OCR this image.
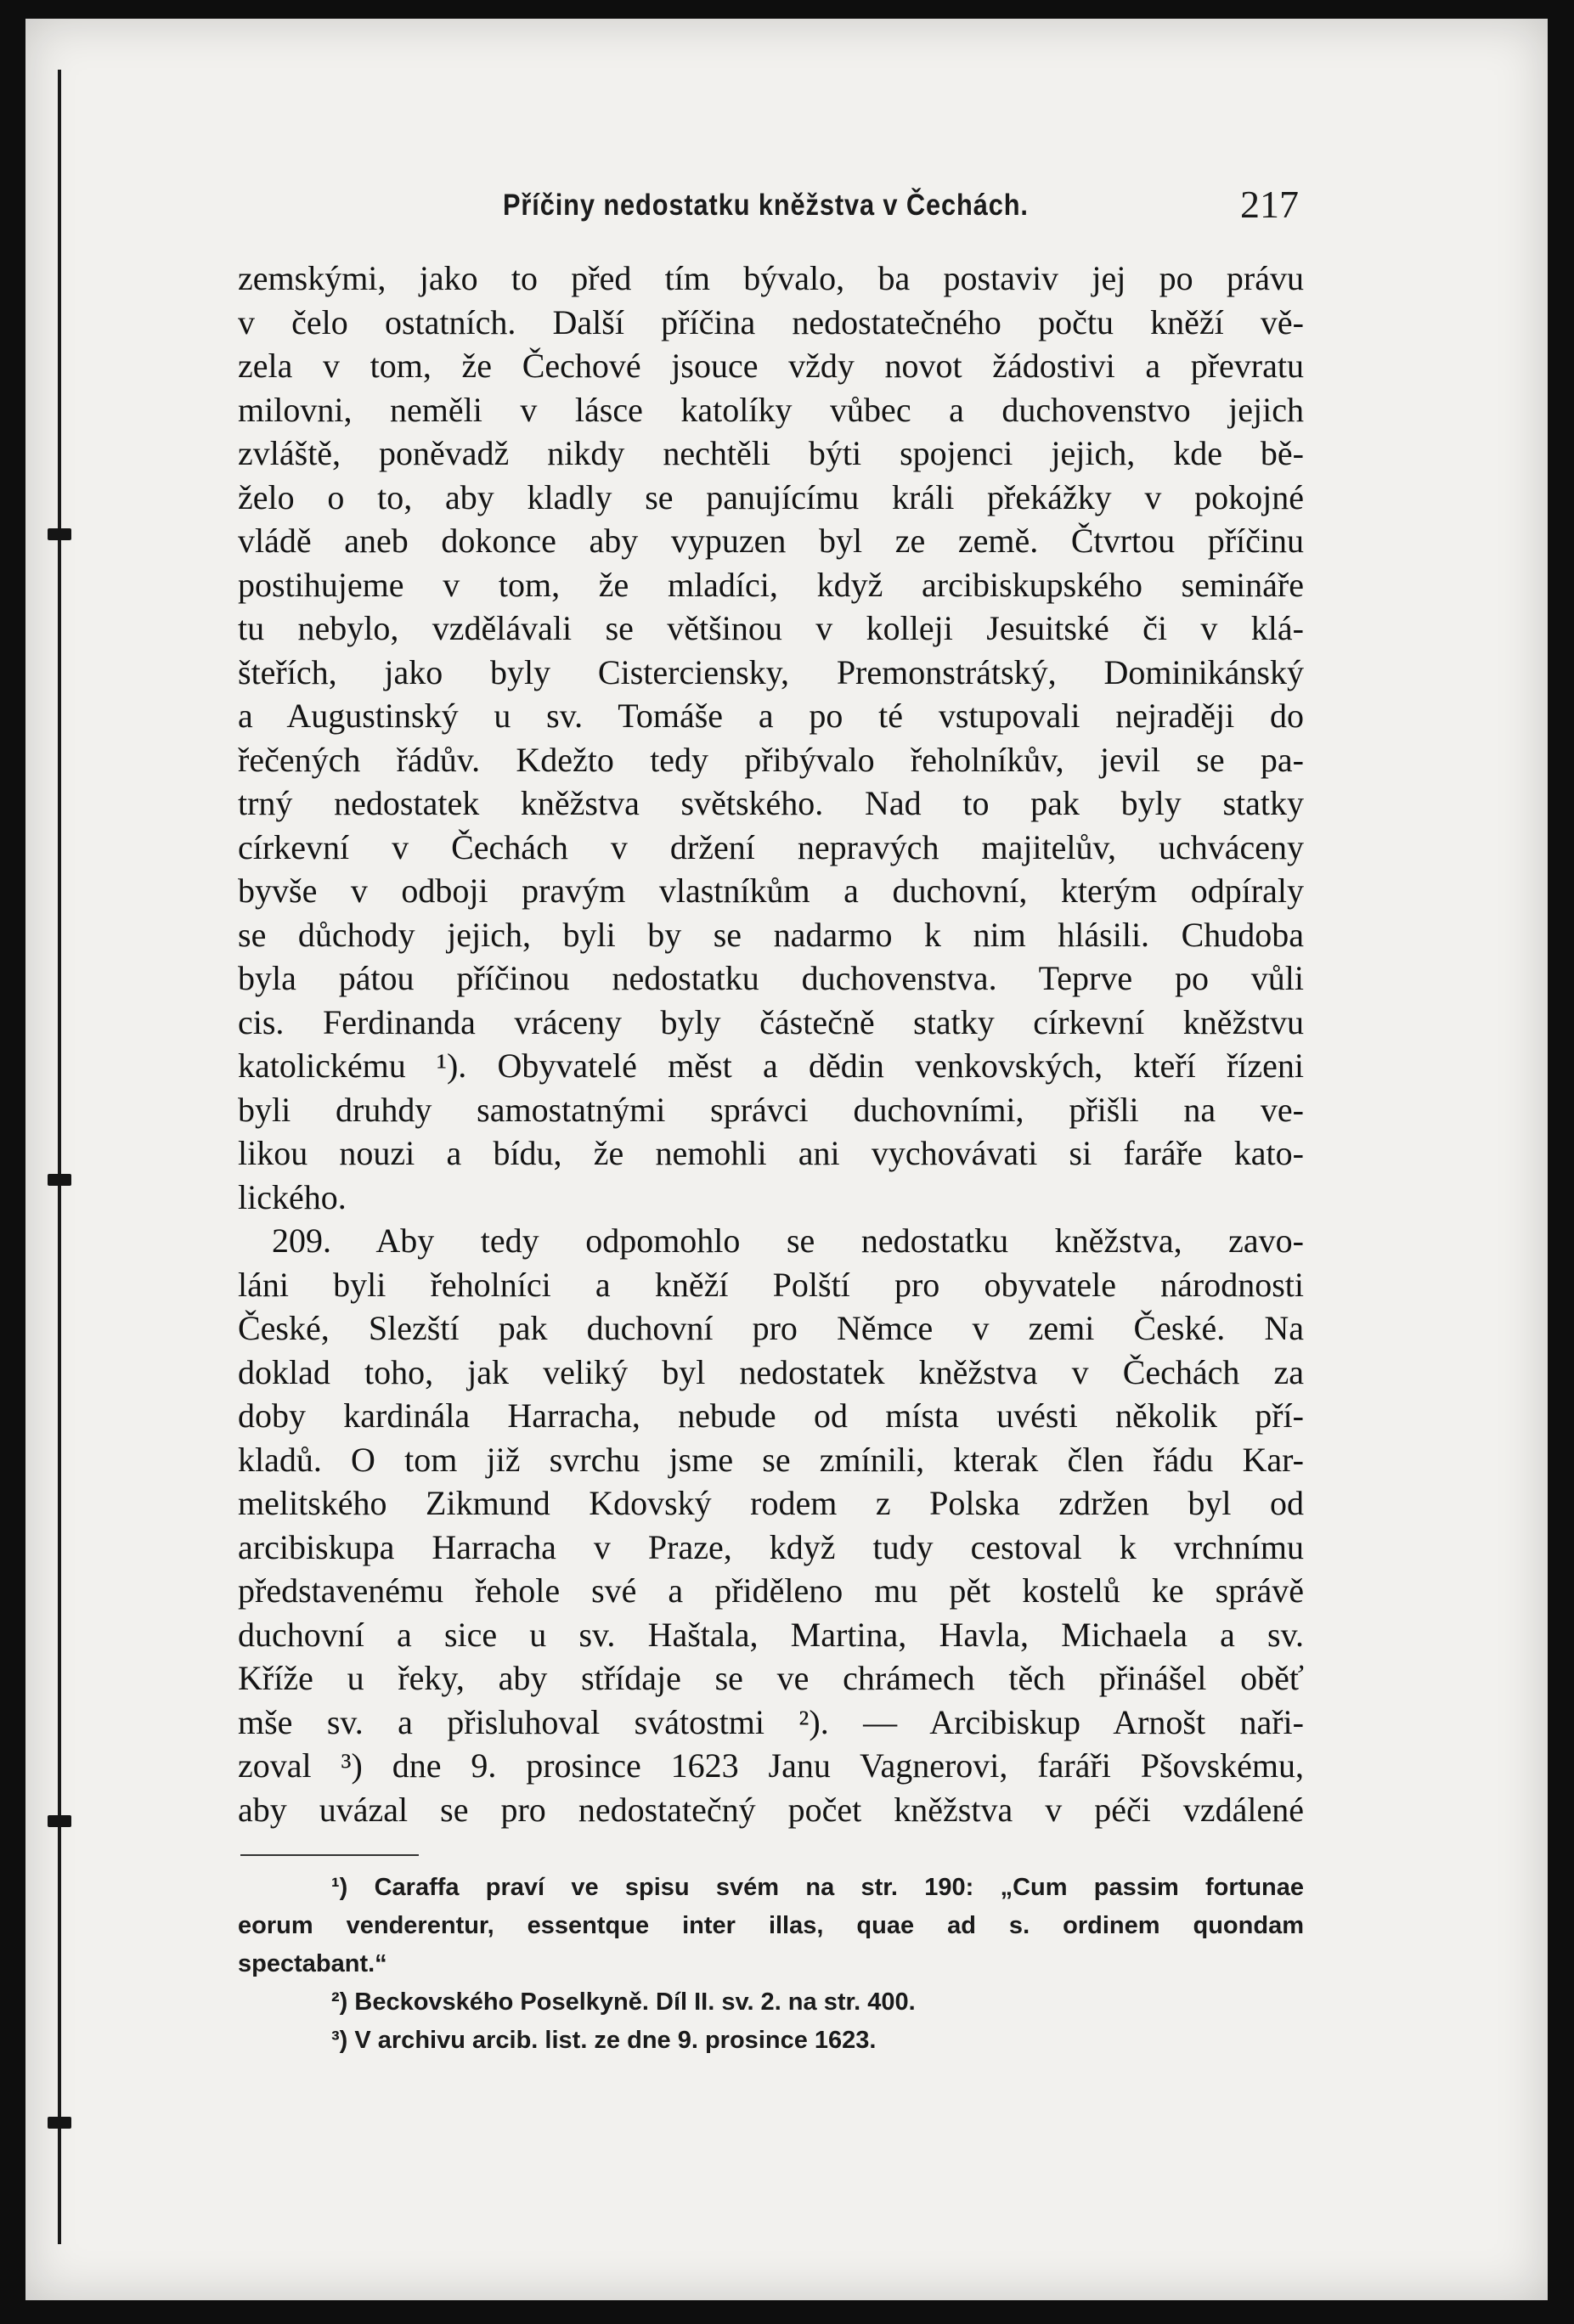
Příčiny nedostatku kněžstva v Čechách.	217
zemskými, jako to před tím bývalo, ba postaviv jej po právu
v čelo ostatních. Další příčina nedostatečného počtu kněží vě-
zela v tom, že Čechové jsouce vždy novot žádostivi a převratu
milovni, neměli v lásce katolíky vůbec a duchovenstvo jejich
zvláště, poněvadž nikdy nechtěli býti spojenci jejich, kde bě-
želo o to, aby kladly se panujícímu králi překážky v pokojné
vládě aneb dokonce aby vypuzen byl ze země. Čtvrtou příčinu
postihujeme v tom, že mladíci, když arcibiskupského semináře
tu nebylo, vzdělávali se většinou v kolleji Jesuitské či v klá-
šteřích, jako byly Cisterciensky, Premonstrátský, Dominikánský
a Augustinský u sv. Tomáše a po té vstupovali nejraději do
řečených řádův. Kdežto tedy přibývalo řeholníkův, jevil se pa-
trný nedostatek kněžstva světského. Nad to pak byly statky
církevní v Čechách v držení nepravých majitelův, uchváceny
byvše v odboji pravým vlastníkům a duchovní, kterým odpíraly
se důchody jejich, byli by se nadarmo k nim hlásili. Chudoba
byla pátou příčinou nedostatku duchovenstva. Teprve po vůli
cis. Ferdinanda vráceny byly částečně statky církevní kněžstvu
katolickému ¹). Obyvatelé měst a dědin venkovských, kteří řízeni
byli druhdy samostatnými správci duchovními, přišli na ve-
likou nouzi a bídu, že nemohli ani vychovávati si faráře kato-
lického.
209. Aby tedy odpomohlo se nedostatku kněžstva, zavo-
láni byli řeholníci a kněží Polští pro obyvatele národnosti
České, Slezští pak duchovní pro Němce v zemi České. Na
doklad toho, jak veliký byl nedostatek kněžstva v Čechách za
doby kardinála Harracha, nebude od místa uvésti několik pří-
kladů. O tom již svrchu jsme se zmínili, kterak člen řádu Kar-
melitského Zikmund Kdovský rodem z Polska zdržen byl od
arcibiskupa Harracha v Praze, když tudy cestoval k vrchnímu
představenému řehole své a přiděleno mu pět kostelů ke správě
duchovní a sice u sv. Haštala, Martina, Havla, Michaela a sv.
Kříže u řeky, aby střídaje se ve chrámech těch přinášel oběť
mše sv. a přisluhoval svátostmi ²). — Arcibiskup Arnošt naři-
zoval ³) dne 9. prosince 1623 Janu Vagnerovi, faráři Pšovskému,
aby uvázal se pro nedostatečný počet kněžstva v péči vzdálené
¹) Caraffa praví ve spisu svém na str. 190: „Cum passim fortunae
eorum venderentur, essentque inter illas, quae ad s. ordinem quondam
spectabant.“
²) Beckovského Poselkyně. Díl II. sv. 2. na str. 400.
³) V archivu arcib. list. ze dne 9. prosince 1623.
